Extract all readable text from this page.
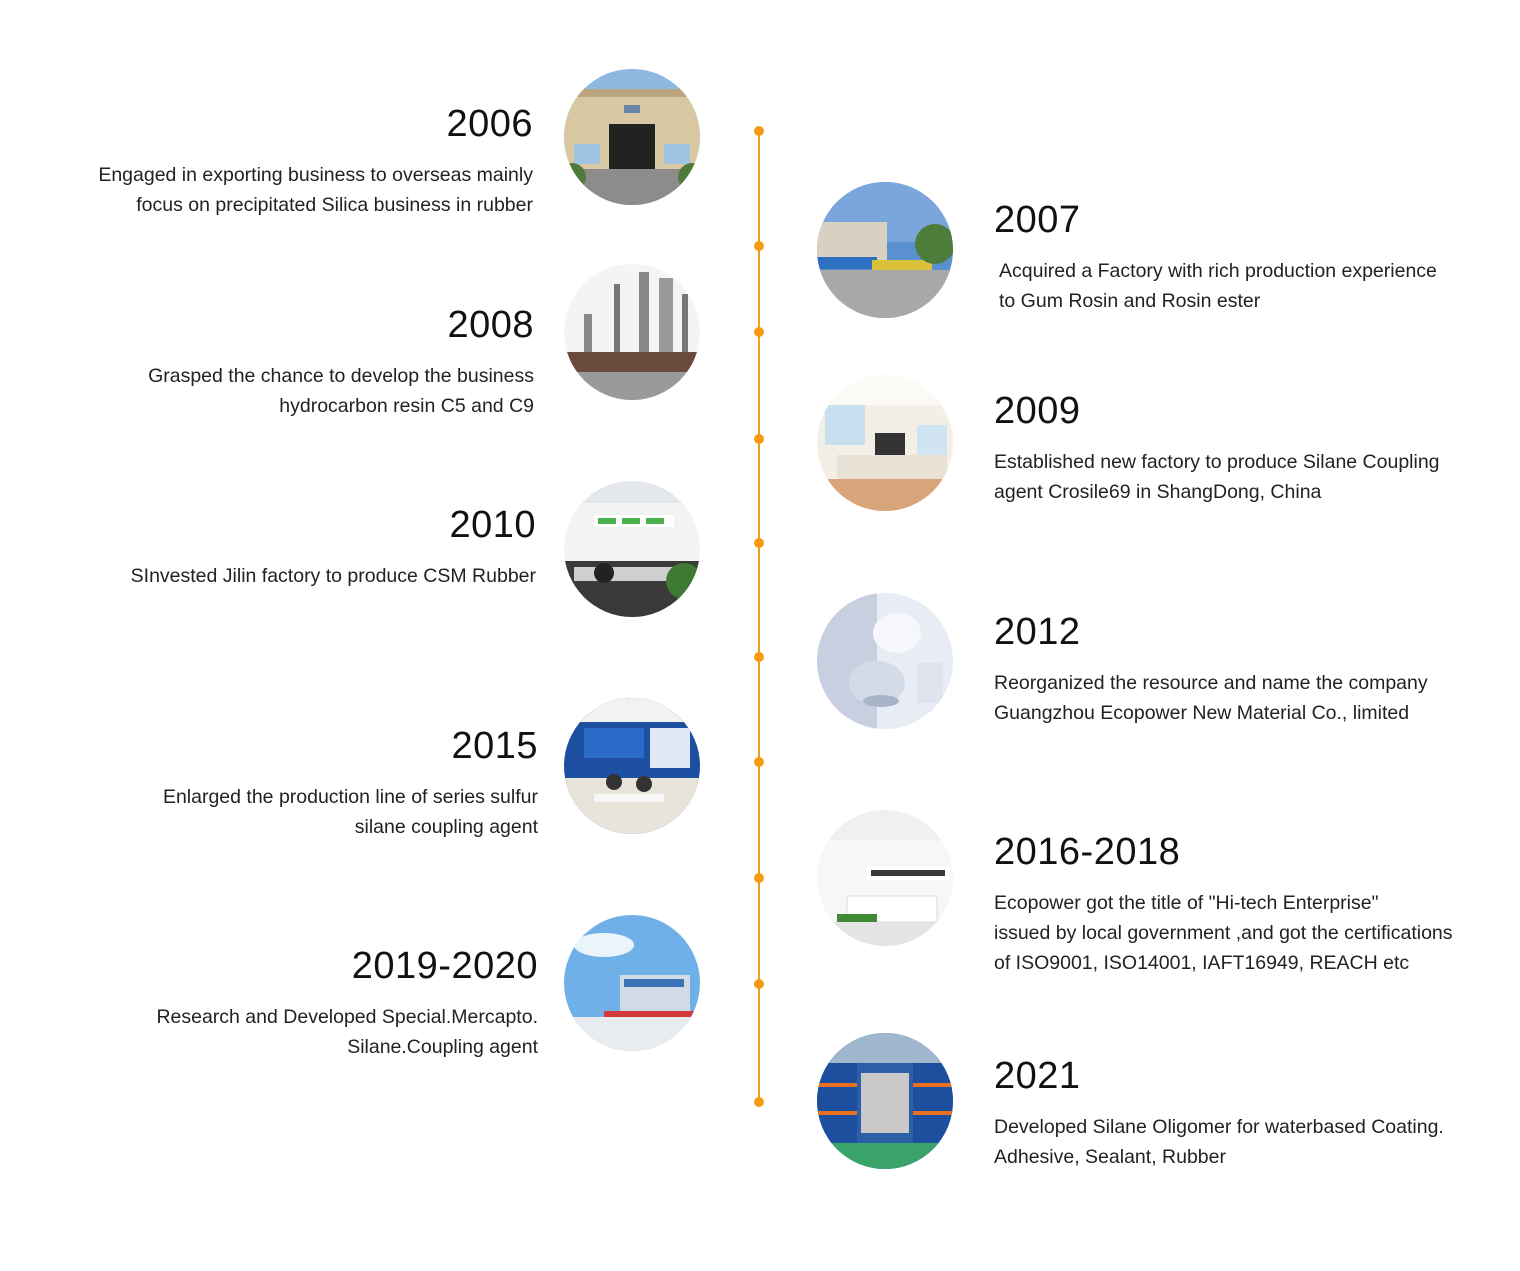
2006
Engaged in exporting business to overseas mainly
focus on precipitated Silica business in rubber	2007
Acquired a Factory with rich production experience
to Gum Rosin and Rosin ester
2008
Grasped the chance to develop the business
hydrocarbon resin C5 and C9	2009
Established new factory to produce Silane Coupling
agent Crosile69 in ShangDong, China
2010
SInvested Jilin factory to produce CSM Rubber
2012
Reorganized the resource and name the company
Guangzhou Ecopower New Material Co., limited
2015
Enlarged the production line of series sulfur
silane coupling agent
2016-2018
Ecopower got the title of "Hi-tech Enterprise"
issued by local government ,and got the certifications
of ISO9001, ISO14001, IAFT16949, REACH etc
2019-2020
Research and Developed Special.Mercapto.
Silane.Coupling agent
2021
Developed Silane Oligomer for waterbased Coating.
Adhesive, Sealant, Rubber
